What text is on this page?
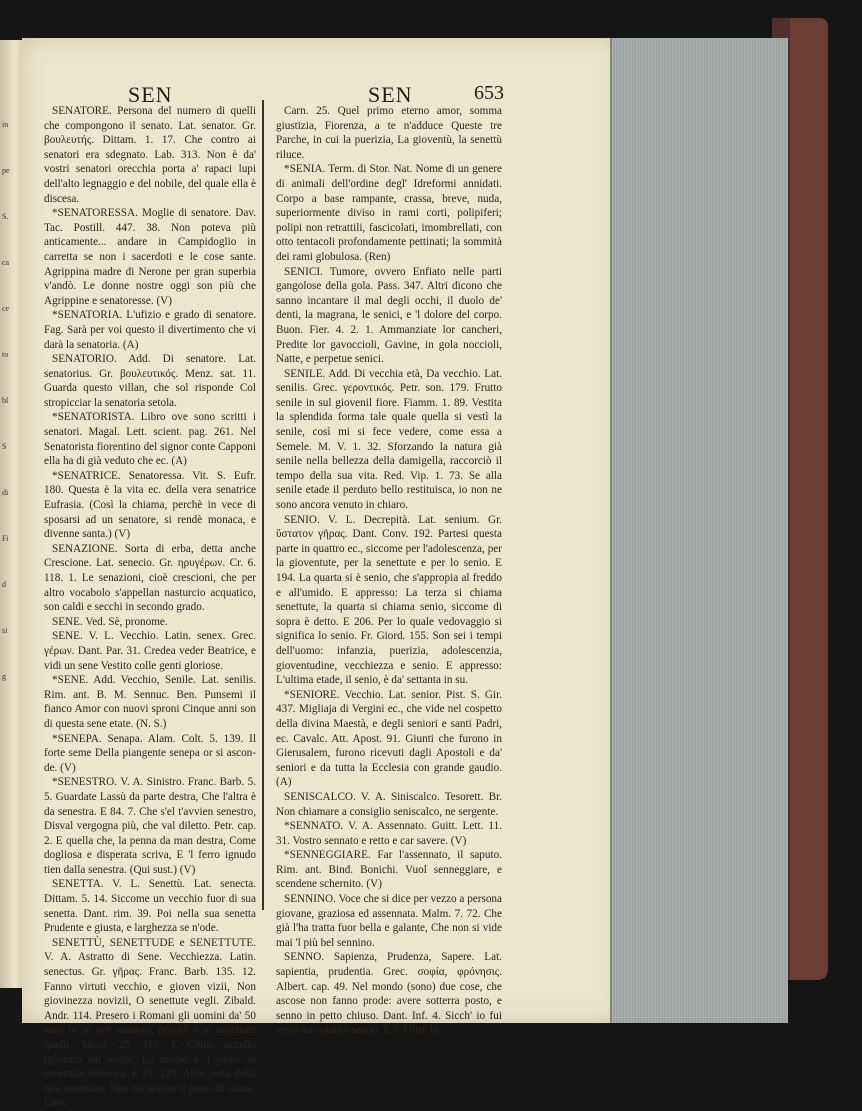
in
pe
S.
ca
ce
to
bl
S
di
Fi
d
si
g
SEN	SEN	653

SENATORE. Persona del numero di quelli che compongono il senato. Lat. senator. Gr. βουλευτής. Dittam. 1. 17. Che contro ai senatori era sdegnato. Lab. 313. Non è da' vostri senatori orecchia porta a' rapaci lupi dell'alto legnaggio e del nobile, del quale ella è discesa.

*SENATORESSA. Moglie di senatore. Dav. Tac. Postill. 447. 38. Non poteva più anticamente... andare in Campidoglio in carretta se non i sacerdoti e le cose sante. Agrippina madre di Nerone per gran superbia v'andò. Le donne nostre oggi son più che Agrippine e senatoresse. (V)

*SENATORIA. L'ufizio e grado di senatore. Fag. Sarà per voi questo il divertimento che vi darà la senatoria. (A)

SENATORIO. Add. Di senatore. Lat. senatorius. Gr. βουλευτικός. Menz. sat. 11. Guarda questo villan, che sol risponde Col stropicciar la senatoria setola.

*SENATORISTA. Libro ove sono scritti i senatori. Magal. Lett. scient. pag. 261. Nel Senatorista fiorentino del signor conte Capponi ella ha di già veduto che ec. (A)

*SENATRICE. Senatoressa. Vit. S. Eufr. 180. Questa è la vita ec. della vera senatrice Eufrasia. (Così la chiama, perchè in vece di sposarsi ad un senatore, si rendè monaca, e divenne santa.) (V)

SENAZIONE. Sorta di erba, detta anche Crescione. Lat. senecio. Gr. ηρυγέρων. Cr. 6. 118. 1. Le senazioni, cioè crescioni, che per altro vocabolo s'appellan nasturcio acquatico, son caldi e secchi in secondo grado.

SENE. Ved. Sè, pronome.

SENE. V. L. Vecchio. Latin. senex. Grec. γέρων. Dant. Par. 31. Credea veder Beatrice, e vidi un sene Vestito colle genti gloriose.

*SENE. Add. Vecchio, Senile. Lat. senilis. Rim. ant. B. M. Sennuc. Ben. Punsemi il fianco Amor con nuovi sproni Cinque anni son di questa sene etate. (N. S.)

*SENEPA. Senapa. Alam. Colt. 5. 139. Il forte seme Della piangente senepa or si ascon-de. (V)

*SENESTRO. V. A. Sinistro. Franc. Barb. 5. 5. Guardate Lassù da parte destra, Che l'altra è da senestra. E 84. 7. Che s'el t'avvien senestro, Disval vergogna più, che val diletto. Petr. cap. 2. E quella che, la penna da man destra, Come dogliosa e disperata scriva, E 'l ferro ignudo tien dalla senestra. (Qui sust.) (V)

SENETTA. V. L. Senettù. Lat. senecta. Dittam. 5. 14. Siccome un vecchio fuor di sua senetta. Dant. rim. 39. Poi nella sua senetta Prudente e giusta, e larghezza se n'ode.

SENETTÙ, SENETTUDE e SENETTUTE. V. A. Astratto di Sene. Vecchiezza. Latin. senectus. Gr. γῆρας. Franc. Barb. 135. 12. Fanno virtuti vecchio, e gioven vizii, Non giovinezza novizii, O senettute vegli. Zibald. Andr. 114. Presero i Romani gli uomini da' 50 anni in su per sanatori, perchè è in senettute quelli. Morg. 25. 317. E Chite, uccello ignorato dal volgo, La madre e 'l padre in senettute imbecca. E 27. 129. Abbi pietà della mia senettute, Non mi negare il porto di salute. Cant.

Carn. 25. Quel primo eterno amor, somma giustizia, Fiorenza, a te n'adduce Queste tre Parche, in cui la puerizia, La gioventù, la senettù riluce.

*SENIA. Term. di Stor. Nat. Nome di un genere di animali dell'ordine degl' Idreformi annidati. Corpo a base rampante, crassa, breve, nuda, superiormente diviso in rami corti, polipiferi; polipi non retrattili, fascicolati, imombrellati, con otto tentacoli profondamente pettinati; la sommità dei rami globulosa. (Ren)

SENICI. Tumore, ovvero Enfiato nelle parti gangolose della gola. Pass. 347. Altri dicono che sanno incantare il mal degli occhi, il duolo de' denti, la magrana, le senici, e 'l dolore del corpo. Buon. Fier. 4. 2. 1. Ammanziate lor cancheri, Predite lor gavoccioli, Gavine, in gola noccioli, Natte, e perpetue senici.

SENILE. Add. Di vecchia età, Da vecchio. Lat. senilis. Grec. γεροντικός. Petr. son. 179. Frutto senile in sul giovenil fiore. Fiamm. 1. 89. Vestita la splendida forma tale quale quella si vestì la senile, così mi si fece vedere, come essa a Semele. M. V. 1. 32. Sforzando la natura già senile nella bellezza della damigella, raccorciò il tempo della sua vita. Red. Vip. 1. 73. Se alla senile etade il perduto bello restituisca, io non ne sono ancora venuto in chiaro.

SENIO. V. L. Decrepità. Lat. senium. Gr. ὕστατον γῆρας. Dant. Conv. 192. Partesi questa parte in quattro ec., siccome per l'adolescenza, per la gioventute, per la senettute e per lo senio. E 194. La quarta si è senio, che s'appropia al freddo e all'umido. E appresso: La terza si chiama senettute, la quarta si chiama senio, siccome di sopra è detto. E 206. Per lo quale vedovaggio si significa lo senio. Fr. Giord. 155. Son sei i tempi dell'uomo: infanzia, puerizia, adolescenzia, gioventudine, vecchiezza e senio. E appresso: L'ultima etade, il senio, è da' settanta in su.

*SENIORE. Vecchio. Lat. senior. Pist. S. Gir. 437. Migliaja di Vergini ec., che vide nel cospetto della divina Maestà, e degli seniori e santi Padri, ec. Cavalc. Att. Apost. 91. Giunti che furono in Gierusalem, furono ricevuti dagli Apostoli e da' seniori e da tutta la Ecclesia con grande gaudio. (A)

SENISCALCO. V. A. Siniscalco. Tesorett. Br. Non chiamare a consiglio seniscalco, ne sergente.

*SENNATO. V. A. Assennato. Guitt. Lett. 11. 31. Vostro sennato e retto e car savere. (V)

*SENNEGGIARE. Far l'assennato, il saputo. Rim. ant. Bind. Bonichi. Vuol senneggiare, e scendene schernito. (V)

SENNINO. Voce che si dice per vezzo a persona giovane, graziosa ed assennata. Malm. 7. 72. Che già l'ha tratta fuor bella e galante, Che non si vide mai 'l più bel sennino.

SENNO. Sapienza, Prudenza, Sapere. Lat. sapientia, prudentia. Grec. σοφία, φρόνησις. Albert. cap. 49. Nel mondo (sono) due cose, che ascose non fanno prode: avere sotterra posto, e senno in petto chiuso. Dant. Inf. 4. Sicch' io fui sesto tra cotanto senno. E 7. Oltre la
